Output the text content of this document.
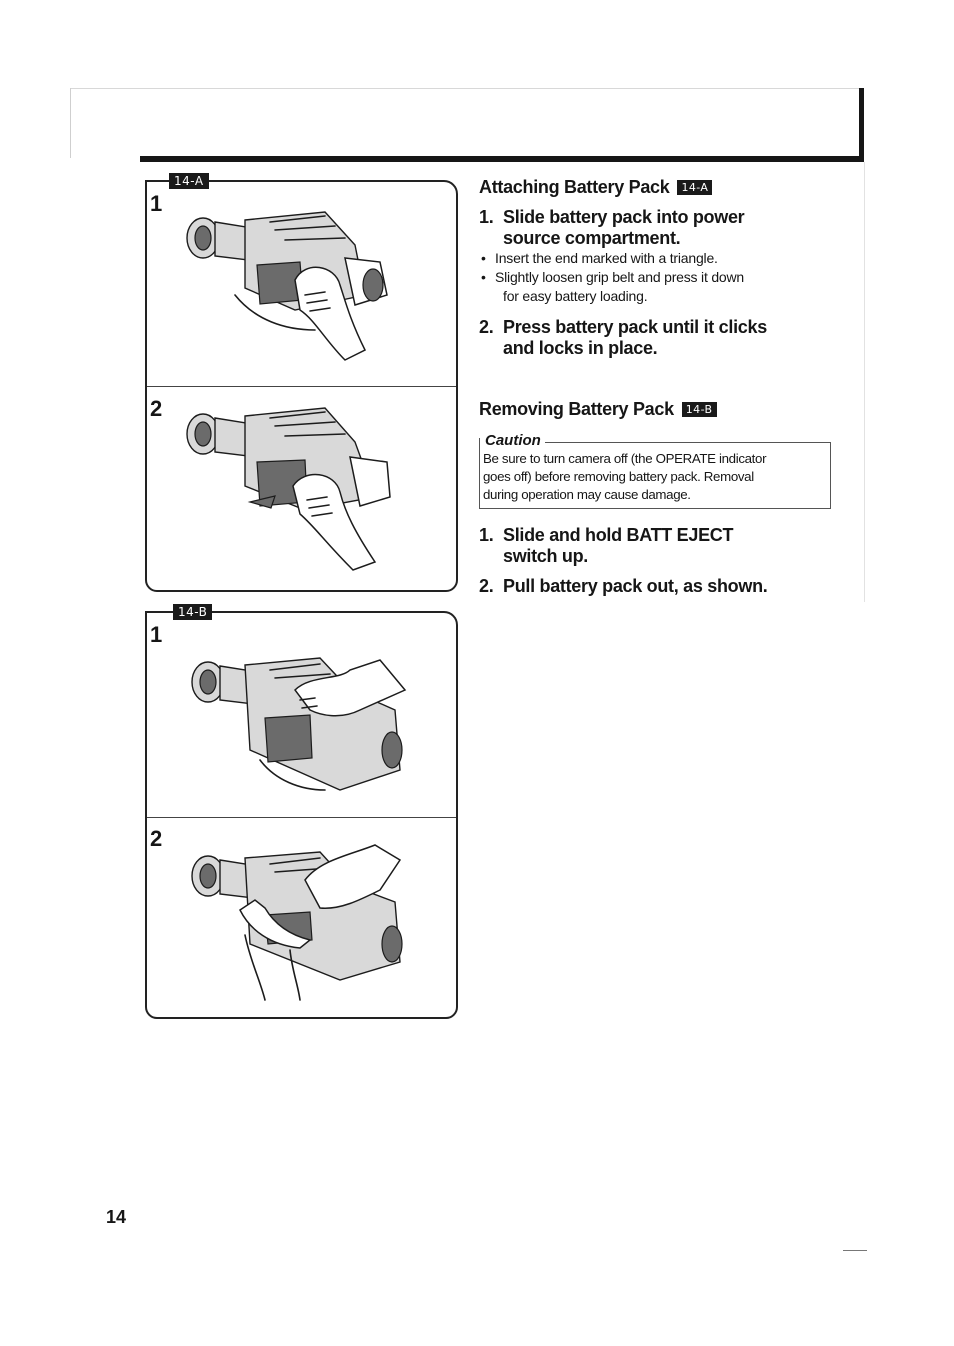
14-A
1
2
14-B
1
2
Attaching Battery Pack 14-A
1. Slide battery pack into power
source compartment.
• Insert the end marked with a triangle.
• Slightly loosen grip belt and press it down
for easy battery loading.
2. Press battery pack until it clicks
and locks in place.
Removing Battery Pack 14-B
Caution
Be sure to turn camera off (the OPERATE indicator
goes off) before removing battery pack. Removal
during operation may cause damage.
1. Slide and hold BATT EJECT
switch up.
2. Pull battery pack out, as shown.
14
